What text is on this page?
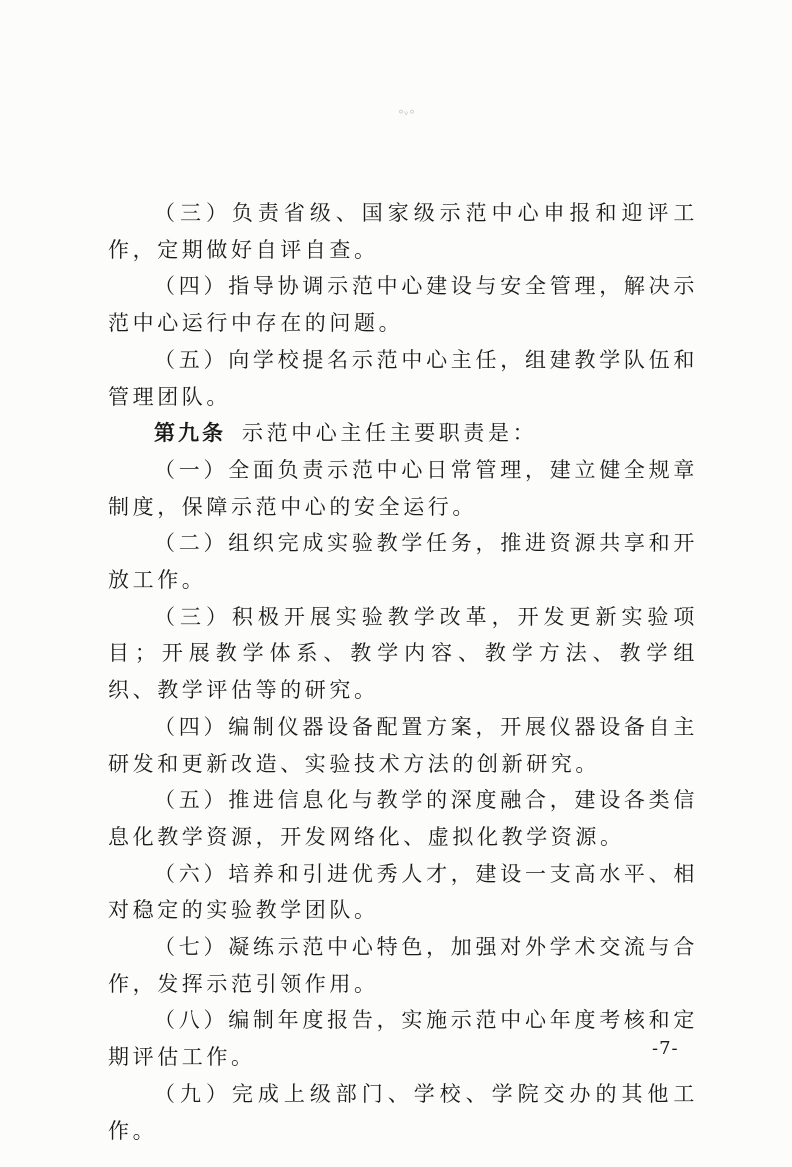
°ᵛ°

（三）负责省级、国家级示范中心申报和迎评工作，定期做好自评自查。

（四）指导协调示范中心建设与安全管理，解决示范中心运行中存在的问题。

（五）向学校提名示范中心主任，组建教学队伍和管理团队。

第九条 示范中心主任主要职责是：

（一）全面负责示范中心日常管理，建立健全规章制度，保障示范中心的安全运行。

（二）组织完成实验教学任务，推进资源共享和开放工作。

（三）积极开展实验教学改革，开发更新实验项目；开展教学体系、教学内容、教学方法、教学组织、教学评估等的研究。

（四）编制仪器设备配置方案，开展仪器设备自主研发和更新改造、实验技术方法的创新研究。

（五）推进信息化与教学的深度融合，建设各类信息化教学资源，开发网络化、虚拟化教学资源。

（六）培养和引进优秀人才，建设一支高水平、相对稳定的实验教学团队。

（七）凝练示范中心特色，加强对外学术交流与合作，发挥示范引领作用。

（八）编制年度报告，实施示范中心年度考核和定期评估工作。

（九）完成上级部门、学校、学院交办的其他工作。

-7-
